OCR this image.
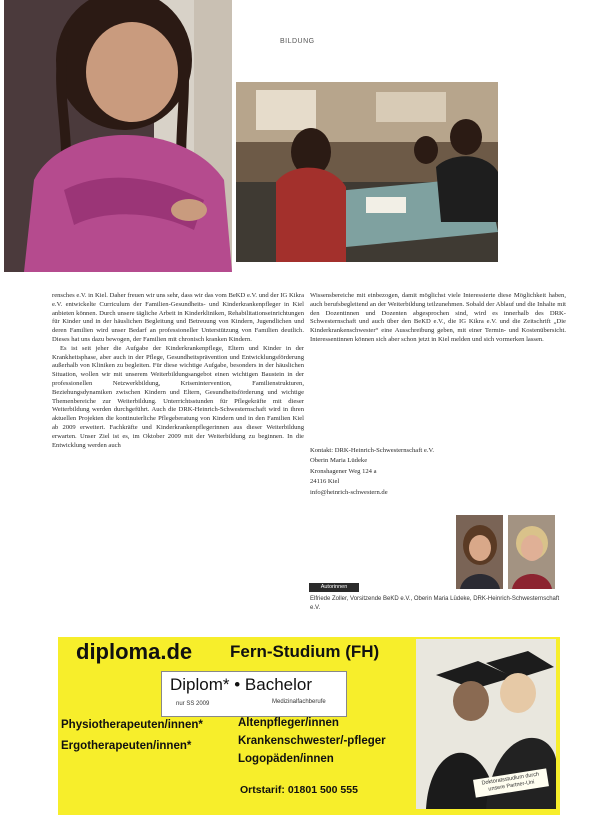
BILDUNG

rensches e.V. in Kiel. Daher freuen wir uns sehr, dass wir das vom BeKD e.V. und der IG Kikra e.V. entwickelte Curriculum der Familien-Gesundheits- und Kinderkrankenpfleger in Kiel anbieten können. Durch unsere tägliche Arbeit in Kinderkliniken, Rehabilitationseinrichtungen für Kinder und in der häuslichen Begleitung und Betreuung von Kindern, Jugendlichen und deren Familien wird unser Bedarf an professioneller Unterstützung von Familien deutlich. Dieses hat uns dazu bewogen, der Familien mit chronisch kranken Kindern.

Es ist seit jeher die Aufgabe der Kinderkrankenpflege, Eltern und Kinder in der Krankheitsphase, aber auch in der Pflege, Gesundheitsprävention und Entwicklungsförderung außerhalb von Kliniken zu begleiten. Für diese wichtige Aufgabe, besonders in der häuslichen Situation, wollen wir mit unserem Weiterbildungsangebot einen wichtigen Baustein in der professionellen Netzwerkbildung, Krisenintervention, Familienstrukturen, Beziehungsdynamiken zwischen Kindern und Eltern, Gesundheitsförderung und wichtige Themenbereiche zur Weiterbildung. Unterrichtsstunden für Pflegekräfte mit dieser Weiterbildung werden durchgeführt. Auch die DRK-Heinrich-Schwesternschaft wird in ihren aktuellen Projekten die kontinuierliche Pflegeberatung von Kindern und in den Familien Kiel ab 2009 erweitert. Fachkräfte und Kinderkrankenpflegerinnen aus dieser Weiterbildung erwarten. Unser Ziel ist es, im Oktober 2009 mit der Weiterbildung zu beginnen. In die Entwicklung werden auch

Wissensbereiche mit einbezogen, damit möglichst viele Interessierte diese Möglichkeit haben, auch berufsbegleitend an der Weiterbildung teilzunehmen. Sobald der Ablauf und die Inhalte mit den Dozentinnen und Dozenten abgesprochen sind, wird es innerhalb des DRK-Schwesternschaft und auch über den BeKD e.V., die IG Kikra e.V. und die Zeitschrift „Die Kinderkrankenschwester“ eine Ausschreibung geben, mit einer Termin- und Kostenübersicht. Interessentinnen können sich aber schon jetzt in Kiel melden und sich vormerken lassen.

Kontakt: DRK-Heinrich-Schwesternschaft e.V.
Oberin Maria Lüdeke
Kronshagener Weg 124 a
24116 Kiel
info@heinrich-schwestern.de
Autorinnen
Elfriede Zoller, Vorsitzende BeKD e.V., Oberin Maria Lüdeke, DRK-Heinrich-Schwesternschaft e.V.
diploma.de Fern-Studium (FH)
Diplom* • Bachelor
nur SS 2009	Medizinalfachberufe
Physiotherapeuten/innen*
Ergotherapeuten/innen*
Altenpfleger/innen
Krankenschwester/-pfleger
Logopäden/innen
Ortstarif: 01801 500 555
Doktoratsstudium durch unsere Partner-Uni
